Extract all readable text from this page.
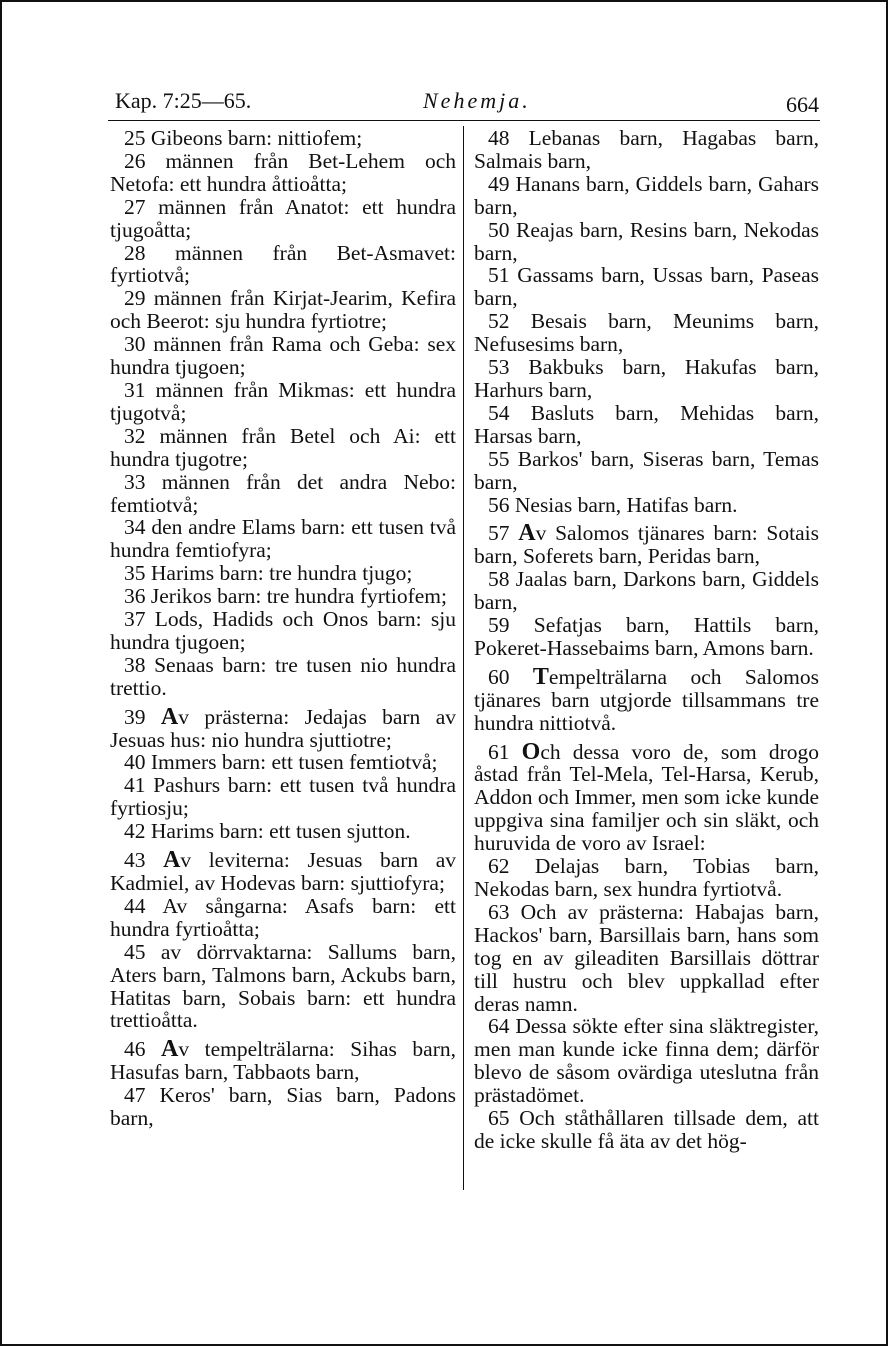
Kap. 7:25—65.	Nehemja.	664

25 Gibeons barn: nittiofem;

26 männen från Bet-Lehem och Netofa: ett hundra åttioåtta;

27 männen från Anatot: ett hundra tjugoåtta;

28 männen från Bet-Asmavet: fyrtiotvå;

29 männen från Kirjat-Jearim, Kefira och Beerot: sju hundra fyrtiotre;

30 männen från Rama och Geba: sex hundra tjugoen;

31 männen från Mikmas: ett hundra tjugotvå;

32 männen från Betel och Ai: ett hundra tjugotre;

33 männen från det andra Nebo: femtiotvå;

34 den andre Elams barn: ett tusen två hundra femtiofyra;

35 Harims barn: tre hundra tjugo;

36 Jerikos barn: tre hundra fyrtiofem;

37 Lods, Hadids och Onos barn: sju hundra tjugoen;

38 Senaas barn: tre tusen nio hundra trettio.

39 Av prästerna: Jedajas barn av Jesuas hus: nio hundra sjuttiotre;

40 Immers barn: ett tusen femtiotvå;

41 Pashurs barn: ett tusen två hundra fyrtiosju;

42 Harims barn: ett tusen sjutton.

43 Av leviterna: Jesuas barn av Kadmiel, av Hodevas barn: sjuttiofyra;

44 Av sångarna: Asafs barn: ett hundra fyrtioåtta;

45 av dörrvaktarna: Sallums barn, Aters barn, Talmons barn, Ackubs barn, Hatitas barn, Sobais barn: ett hundra trettioåtta.

46 Av tempelträlarna: Sihas barn, Hasufas barn, Tabbaots barn,

47 Keros' barn, Sias barn, Padons barn,

48 Lebanas barn, Hagabas barn, Salmais barn,

49 Hanans barn, Giddels barn, Gahars barn,

50 Reajas barn, Resins barn, Nekodas barn,

51 Gassams barn, Ussas barn, Paseas barn,

52 Besais barn, Meunims barn, Nefusesims barn,

53 Bakbuks barn, Hakufas barn, Harhurs barn,

54 Basluts barn, Mehidas barn, Harsas barn,

55 Barkos' barn, Siseras barn, Temas barn,

56 Nesias barn, Hatifas barn.

57 Av Salomos tjänares barn: Sotais barn, Soferets barn, Peridas barn,

58 Jaalas barn, Darkons barn, Giddels barn,

59 Sefatjas barn, Hattils barn, Pokeret-Hassebaims barn, Amons barn.

60 Tempelträlarna och Salomos tjänares barn utgjorde tillsammans tre hundra nittiotvå.

61 Och dessa voro de, som drogo åstad från Tel-Mela, Tel-Harsa, Kerub, Addon och Immer, men som icke kunde uppgiva sina familjer och sin släkt, och huruvida de voro av Israel:

62 Delajas barn, Tobias barn, Nekodas barn, sex hundra fyrtiotvå.

63 Och av prästerna: Habajas barn, Hackos' barn, Barsillais barn, hans som tog en av gileaditen Barsillais döttrar till hustru och blev uppkallad efter deras namn.

64 Dessa sökte efter sina släktregister, men man kunde icke finna dem; därför blevo de såsom ovärdiga uteslutna från prästadömet.

65 Och ståthållaren tillsade dem, att de icke skulle få äta av det hög-
